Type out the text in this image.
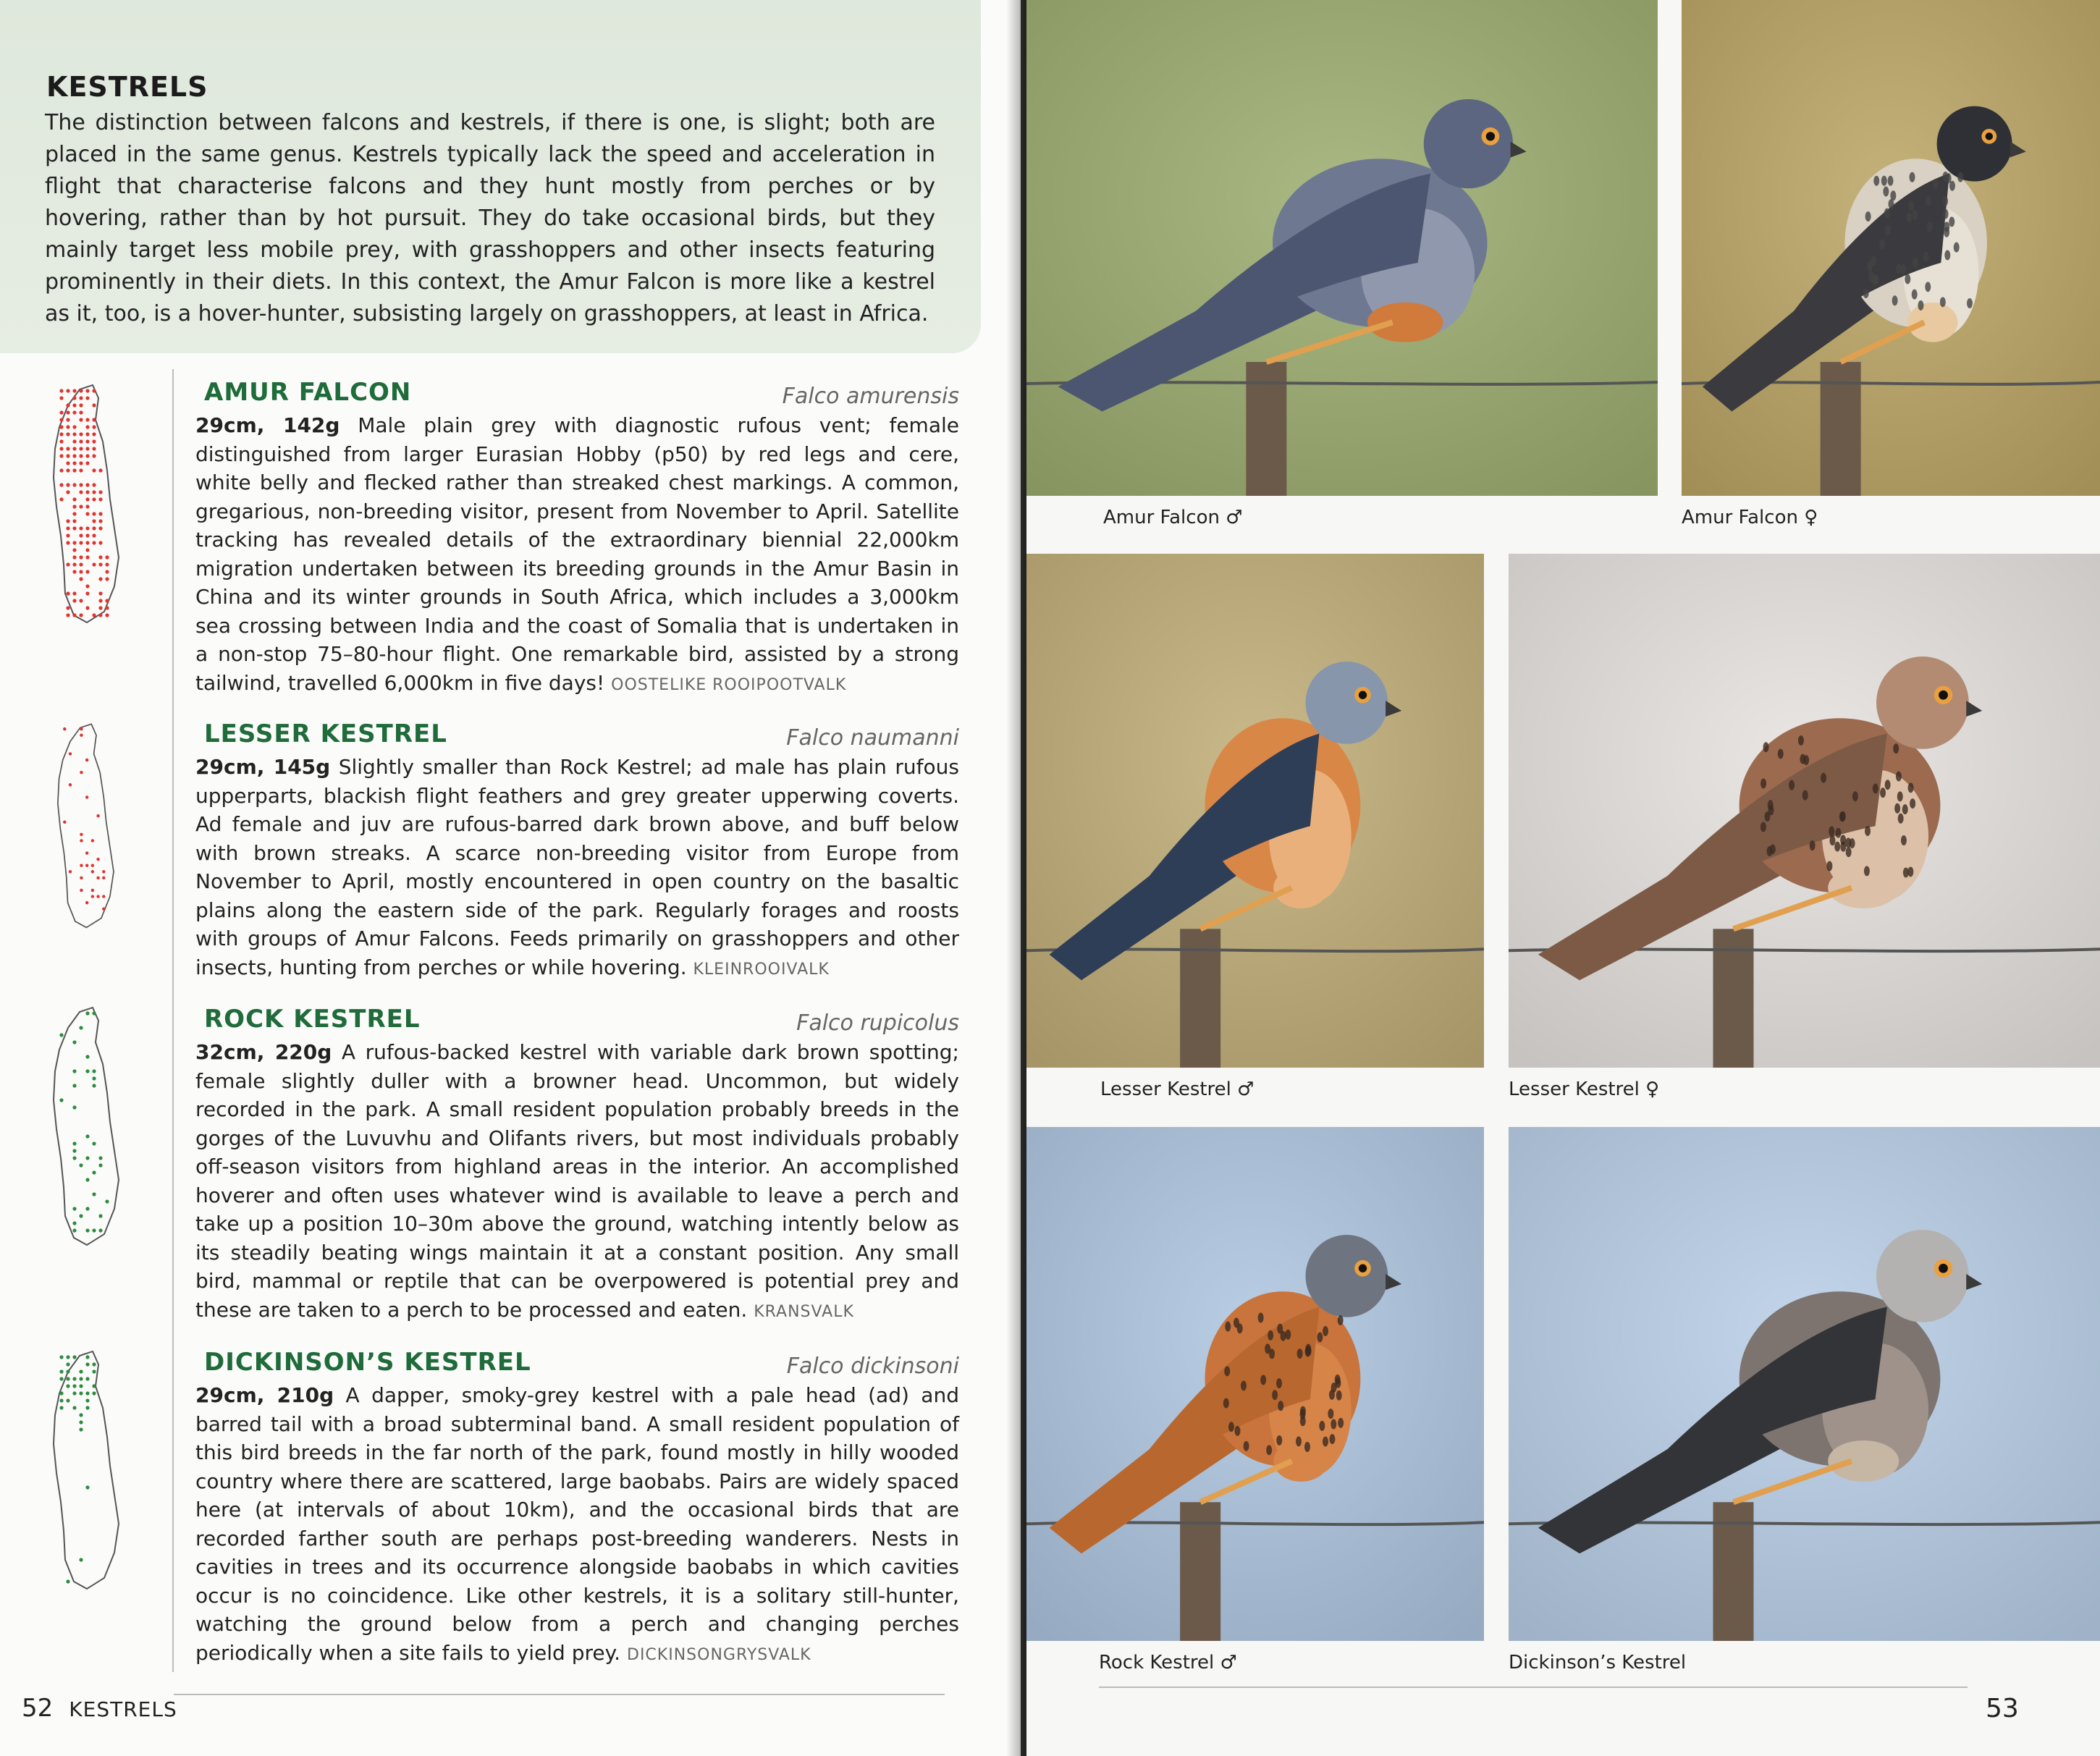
KESTRELS

The distinction between falcons and kestrels, if there is one, is slight; both are placed in the same genus. Kestrels typically lack the speed and acceleration in flight that characterise falcons and they hunt mostly from perches or by hovering, rather than by hot pursuit. They do take occasional birds, but they mainly target less mobile prey, with grasshoppers and other insects featuring prominently in their diets. In this context, the Amur Falcon is more like a kestrel as it, too, is a hover-hunter, subsisting largely on grasshoppers, at least in Africa.

AMUR FALCON	Falco amurensis

29cm, 142g Male plain grey with diagnostic rufous vent; female distinguished from larger Eurasian Hobby (p50) by red legs and cere, white belly and flecked rather than streaked chest markings. A common, gregarious, non-breeding visitor, present from November to April. Satellite tracking has revealed details of the extraordinary biennial 22,000km migration undertaken between its breeding grounds in the Amur Basin in China and its winter grounds in South Africa, which includes a 3,000km sea crossing between India and the coast of Somalia that is undertaken in a non-stop 75–80-hour flight. One remarkable bird, assisted by a strong tailwind, travelled 6,000km in five days! OOSTELIKE ROOIPOOTVALK

LESSER KESTREL	Falco naumanni

29cm, 145g Slightly smaller than Rock Kestrel; ad male has plain rufous upperparts, blackish flight feathers and grey greater upperwing coverts. Ad female and juv are rufous-barred dark brown above, and buff below with brown streaks. A scarce non-breeding visitor from Europe from November to April, mostly encountered in open country on the basaltic plains along the eastern side of the park. Regularly forages and roosts with groups of Amur Falcons. Feeds primarily on grasshoppers and other insects, hunting from perches or while hovering. KLEINROOIVALK

ROCK KESTREL	Falco rupicolus

32cm, 220g A rufous-backed kestrel with variable dark brown spotting; female slightly duller with a browner head. Uncommon, but widely recorded in the park. A small resident population probably breeds in the gorges of the Luvuvhu and Olifants rivers, but most individuals probably off-season visitors from highland areas in the interior. An accomplished hoverer and often uses whatever wind is available to leave a perch and take up a position 10–30m above the ground, watching intently below as its steadily beating wings maintain it at a constant position. Any small bird, mammal or reptile that can be overpowered is potential prey and these are taken to a perch to be processed and eaten. KRANSVALK

DICKINSON’S KESTREL	Falco dickinsoni

29cm, 210g A dapper, smoky-grey kestrel with a pale head (ad) and barred tail with a broad subterminal band. A small resident population of this bird breeds in the far north of the park, found mostly in hilly wooded country where there are scattered, large baobabs. Pairs are widely spaced here (at intervals of about 10km), and the occasional birds that are recorded farther south are perhaps post-breeding wanderers. Nests in cavities in trees and its occurrence alongside baobabs in which cavities occur is no coincidence. Like other kestrels, it is a solitary still-hunter, watching the ground below from a perch and changing perches periodically when a site fails to yield prey. DICKINSONGRYSVALK

52 KESTRELS
Amur Falcon ♂	Amur Falcon ♀
Lesser Kestrel ♂	Lesser Kestrel ♀
Rock Kestrel ♂	Dickinson’s Kestrel
53
